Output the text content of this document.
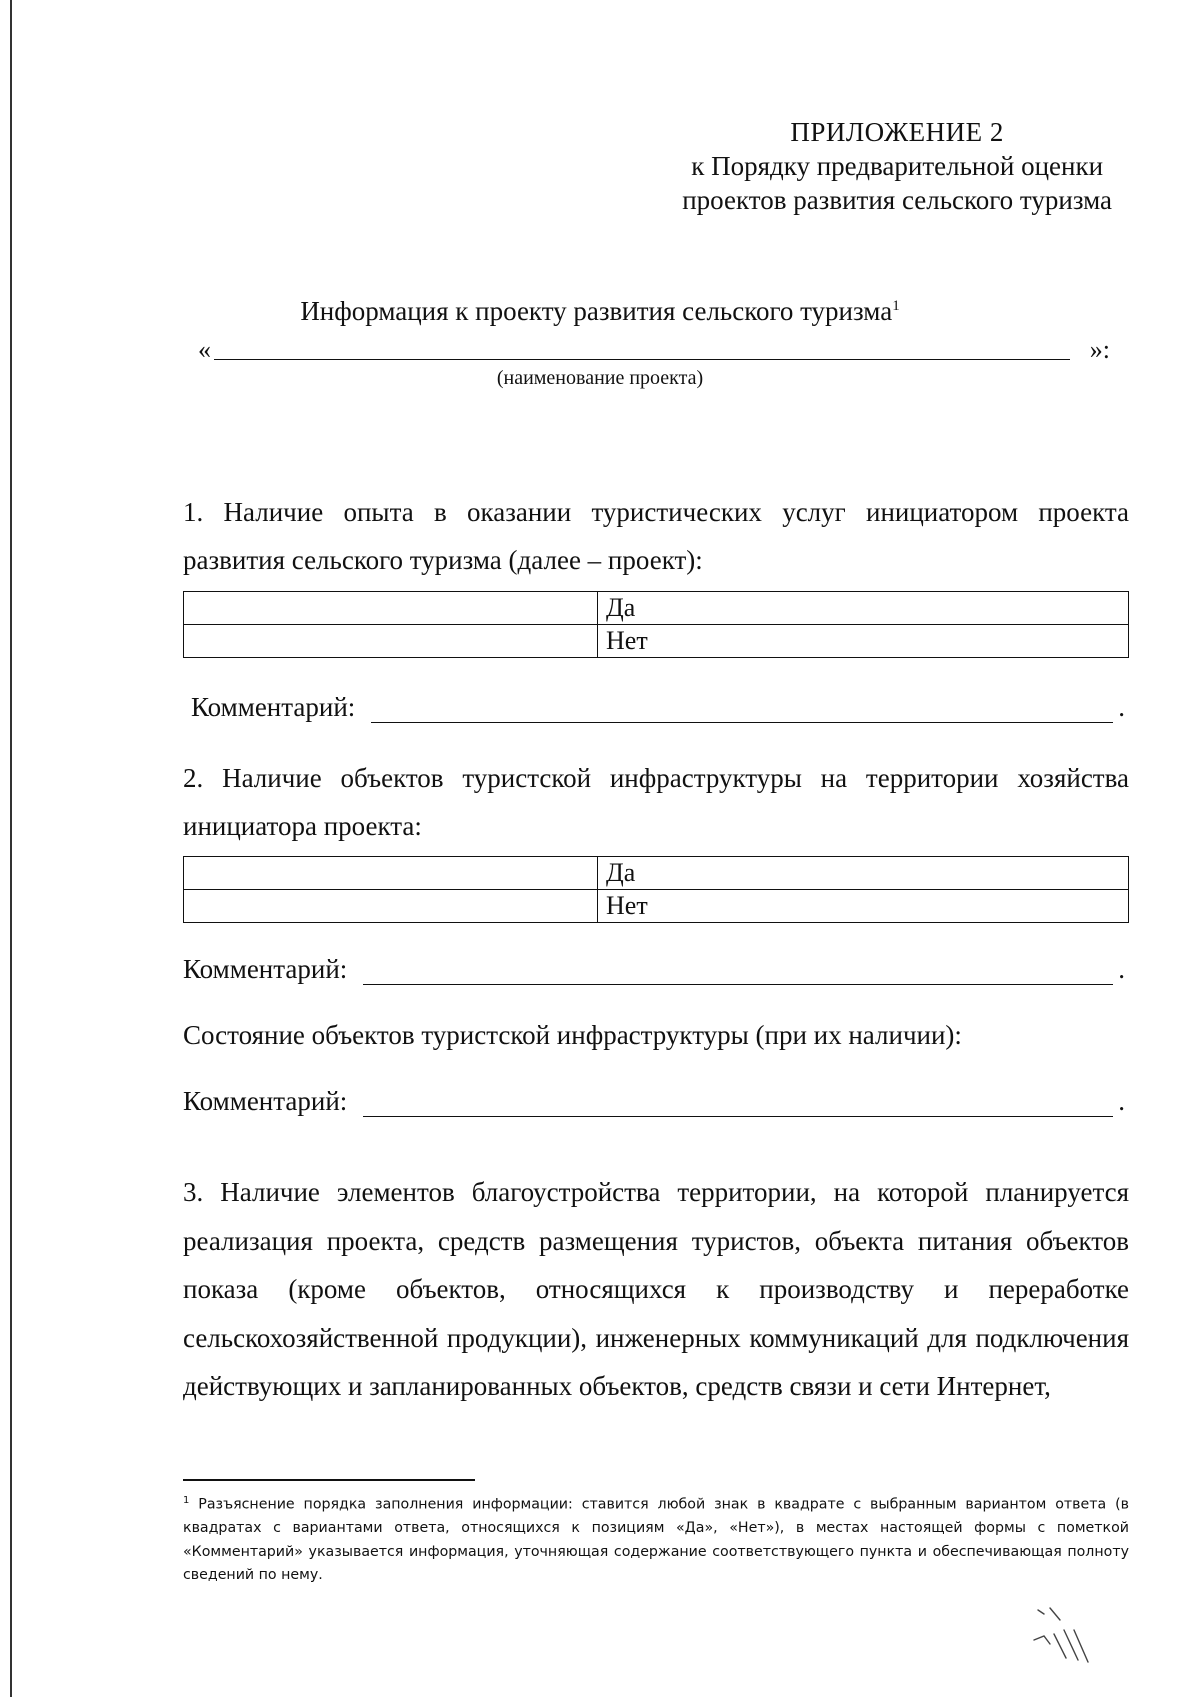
ПРИЛОЖЕНИЕ 2
к Порядку предварительной оценки
проектов развития сельского туризма
Информация к проекту развития сельского туризма$^1$
«	»:
(наименование проекта)
1. Наличие опыта в оказании туристических услуг инициатором проекта развития сельского туризма (далее – проект):
	Да
	Нет
Комментарий:	.
2. Наличие объектов туристской инфраструктуры на территории хозяйства инициатора проекта:
	Да
	Нет
Комментарий:	.
Состояние объектов туристской инфраструктуры (при их наличии):
Комментарий:	.
3. Наличие элементов благоустройства территории, на которой планируется реализация проекта, средств размещения туристов, объекта питания объектов показа (кроме объектов, относящихся к производству и переработке сельскохозяйственной продукции), инженерных коммуникаций для подключения действующих и запланированных объектов, средств связи и сети Интернет,
$^1$ Разъяснение порядка заполнения информации: ставится любой знак в квадрате с выбранным вариантом ответа (в квадратах с вариантами ответа, относящихся к позициям «Да», «Нет»), в местах настоящей формы с пометкой «Комментарий» указывается информация, уточняющая содержание соответствующего пункта и обеспечивающая полноту сведений по нему.
